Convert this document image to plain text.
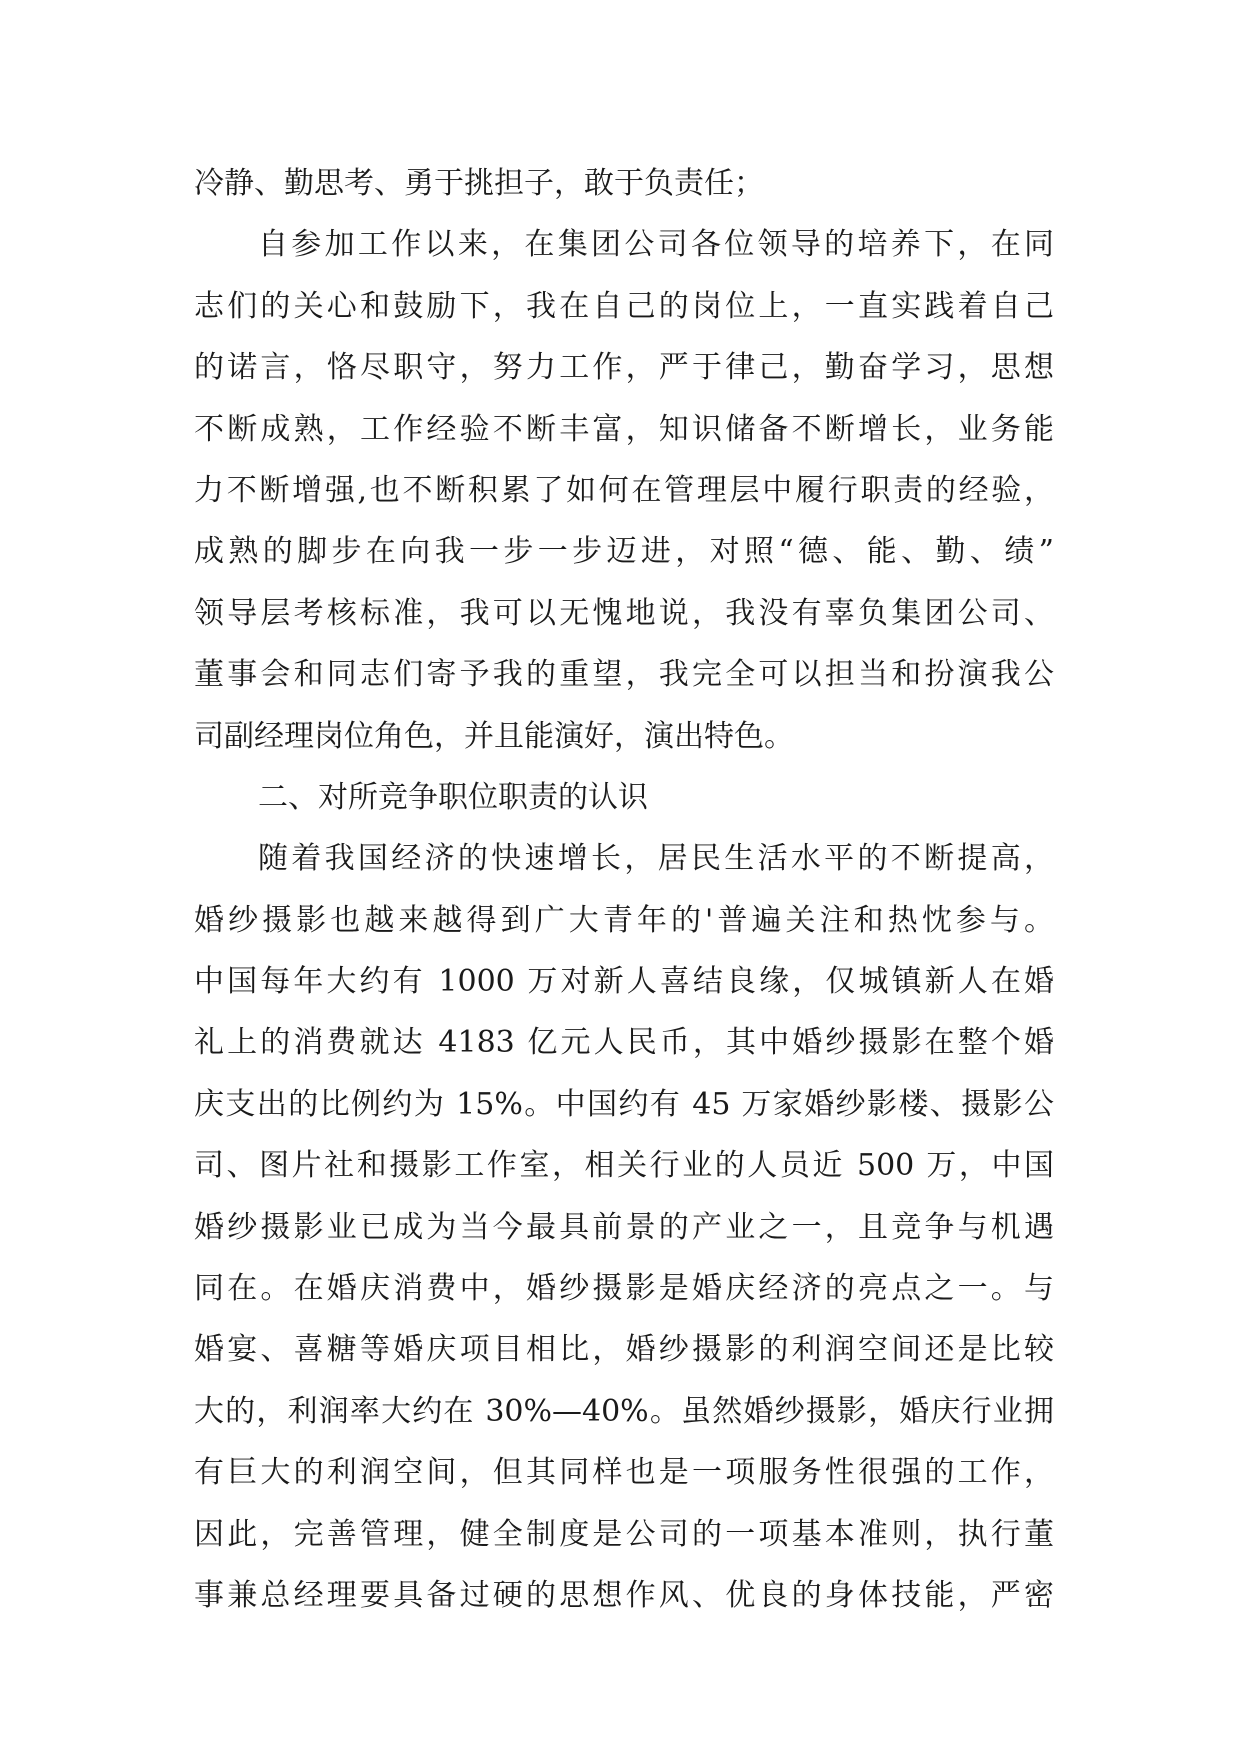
冷静、勤思考、勇于挑担子，敢于负责任；
自参加工作以来，在集团公司各位领导的培养下，在同
志们的关心和鼓励下，我在自己的岗位上，一直实践着自己
的诺言，恪尽职守，努力工作，严于律己，勤奋学习，思想
不断成熟，工作经验不断丰富，知识储备不断增长，业务能
力不断增强,也不断积累了如何在管理层中履行职责的经验，
成熟的脚步在向我一步一步迈进，对照“德、能、勤、绩”
领导层考核标准，我可以无愧地说，我没有辜负集团公司、
董事会和同志们寄予我的重望，我完全可以担当和扮演我公
司副经理岗位角色，并且能演好，演出特色。
二、对所竞争职位职责的认识
随着我国经济的快速增长，居民生活水平的不断提高，
婚纱摄影也越来越得到广大青年的'普遍关注和热忱参与。
中国每年大约有 1000 万对新人喜结良缘，仅城镇新人在婚
礼上的消费就达 4183 亿元人民币，其中婚纱摄影在整个婚
庆支出的比例约为 15%。中国约有 45 万家婚纱影楼、摄影公
司、图片社和摄影工作室，相关行业的人员近 500 万，中国
婚纱摄影业已成为当今最具前景的产业之一，且竞争与机遇
同在。在婚庆消费中，婚纱摄影是婚庆经济的亮点之一。与
婚宴、喜糖等婚庆项目相比，婚纱摄影的利润空间还是比较
大的，利润率大约在 30%—40%。虽然婚纱摄影，婚庆行业拥
有巨大的利润空间，但其同样也是一项服务性很强的工作，
因此，完善管理，健全制度是公司的一项基本准则，执行董
事兼总经理要具备过硬的思想作风、优良的身体技能，严密
